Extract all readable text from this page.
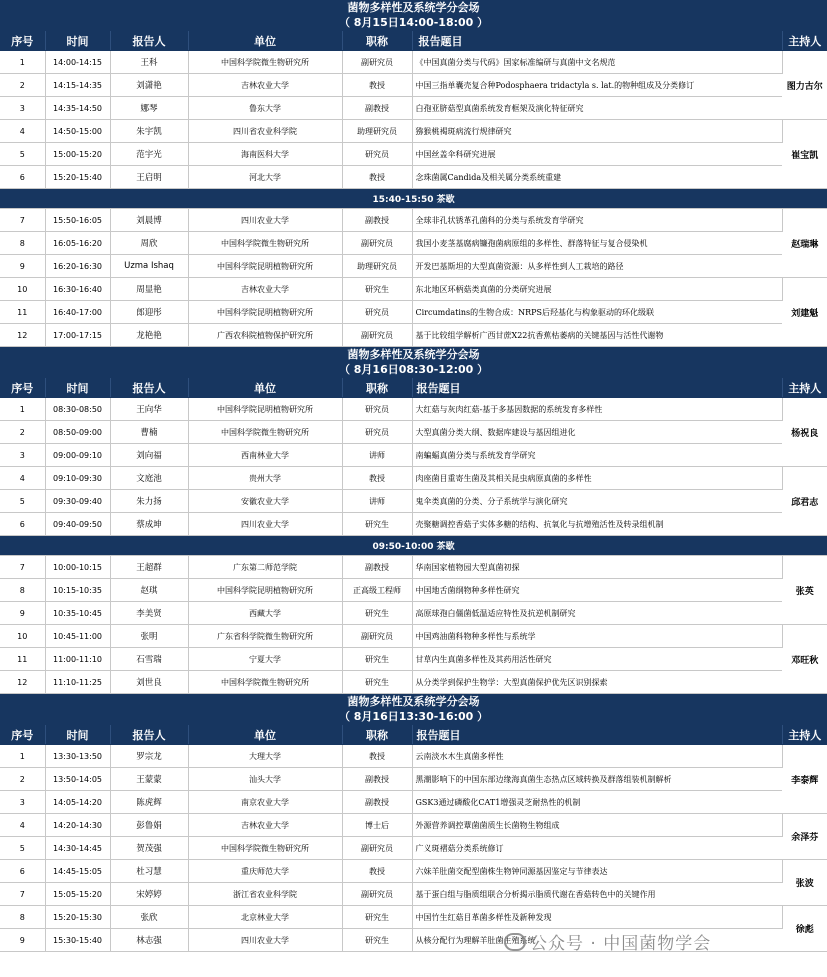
菌物多样性及系统学分会场
（ 8月15日14:00-18:00 ）						

序号	时间	报告人	单位	职称	报告题目	主持人
1	14:00-14:15	王科	中国科学院微生物研究所	副研究员	《中国真菌分类与代码》国家标准编研与真菌中文名规范	图力古尔
2	14:15-14:35	刘潇艳	吉林农业大学	教授	中国三指单囊壳复合种Podosphaera tridactyla s. lat.的物种组成及分类修订	
3	14:35-14:50	娜琴	鲁东大学	副教授	白孢亚脐菇型真菌系统发育框架及演化特征研究	
4	14:50-15:00	朱宇凯	四川省农业科学院	助理研究员	猕猴桃褐斑病流行规律研究	崔宝凯
5	15:00-15:20	范宇光	海南医科大学	研究员	中国丝盖伞科研究进展	
6	15:20-15:40	王启明	河北大学	教授	念珠菌属Candida及相关属分类系统重建	
15:40-15:50 茶歇						
7	15:50-16:05	刘晨博	四川农业大学	副教授	全球非孔状锈革孔菌科的分类与系统发育学研究	赵瑞琳
8	16:05-16:20	周欣	中国科学院微生物研究所	副研究员	我国小麦茎基腐病镰孢菌病原组的多样性、群落特征与复合侵染机	
9	16:20-16:30	Uzma Ishaq	中国科学院昆明植物研究所	助理研究员	开发巴基斯坦的大型真菌资源：从多样性到人工栽培的路径	
10	16:30-16:40	周显艳	吉林农业大学	研究生	东北地区环柄菇类真菌的分类研究进展	刘建魁
11	16:40-17:00	郎迎彤	中国科学院昆明植物研究所	研究员	Circumdatins的生物合成：NRPS后羟基化与构象驱动的环化级联	
12	17:00-17:15	龙艳艳	广西农科院植物保护研究所	副研究员	基于比较组学解析广西甘蔗X22抗香蕉枯萎病的关键基因与活性代谢物	

菌物多样性及系统学分会场
（ 8月16日08:30-12:00 ）						

序号	时间	报告人	单位	职称	报告题目	主持人
1	08:30-08:50	王向华	中国科学院昆明植物研究所	研究员	大红菇与灰肉红菇-基于多基因数据的系统发育多样性	杨祝良
2	08:50-09:00	曹楠	中国科学院微生物研究所	研究员	大型真菌分类大纲、数据库建设与基因组进化	
3	09:00-09:10	刘向福	西南林业大学	讲师	南蝙蝠真菌分类与系统发育学研究	
4	09:10-09:30	文庭池	贵州大学	教授	肉座菌目重寄生菌及其相关昆虫病原真菌的多样性	邱君志
5	09:30-09:40	朱力扬	安徽农业大学	讲师	鬼伞类真菌的分类、分子系统学与演化研究	
6	09:40-09:50	蔡成坤	四川农业大学	研究生	壳聚糖调控香菇子实体多糖的结构、抗氧化与抗增殖活性及转录组机制	
09:50-10:00 茶歇						
7	10:00-10:15	王超群	广东第二师范学院	副教授	华南国家植物园大型真菌初探	张英
8	10:15-10:35	赵琪	中国科学院昆明植物研究所	正高级工程师	中国地舌菌纲物种多样性研究	
9	10:35-10:45	李美贤	西藏大学	研究生	高原球孢白僵菌低温适应特性及抗逆机制研究	
10	10:45-11:00	张明	广东省科学院微生物研究所	副研究员	中国鸡油菌科物种多样性与系统学	邓旺秋
11	11:00-11:10	石雪瑞	宁夏大学	研究生	甘草内生真菌多样性及其药用活性研究	
12	11:10-11:25	刘世良	中国科学院微生物研究所	研究生	从分类学到保护生物学：大型真菌保护优先区识别探索	

菌物多样性及系统学分会场
（ 8月16日13:30-16:00 ）						

序号	时间	报告人	单位	职称	报告题目	主持人
1	13:30-13:50	罗宗龙	大理大学	教授	云南淡水木生真菌多样性	李泰辉
2	13:50-14:05	王蒙蒙	汕头大学	副教授	黑潮影响下的中国东部边缘海真菌生态热点区域转换及群落组装机制解析	
3	14:05-14:20	陈虎辉	南京农业大学	副教授	GSK3通过磷酸化CAT1增强灵芝耐热性的机制	
4	14:20-14:30	彭鲁娟	吉林农业大学	博士后	外源营养调控蕈菌菌质生长菌物生物组成	余泽芬
5	14:30-14:45	贺茂强	中国科学院微生物研究所	副研究员	广义斑褶菇分类系统修订	
6	14:45-15:05	杜习慧	重庆师范大学	教授	六妹羊肚菌交配型菌株生物钟同源基因鉴定与节律表达	张波
7	15:05-15:20	宋婷婷	浙江省农业科学院	副研究员	基于蛋白组与脂质组联合分析揭示脂质代谢在香菇转色中的关键作用	
8	15:20-15:30	张欣	北京林业大学	研究生	中国竹生红菇目革菌多样性及新种发现	徐彪
9	15:30-15:40	林志强	四川农业大学	研究生	从核分配行为理解羊肚菌生殖系统	
公众号 · 中国菌物学会
